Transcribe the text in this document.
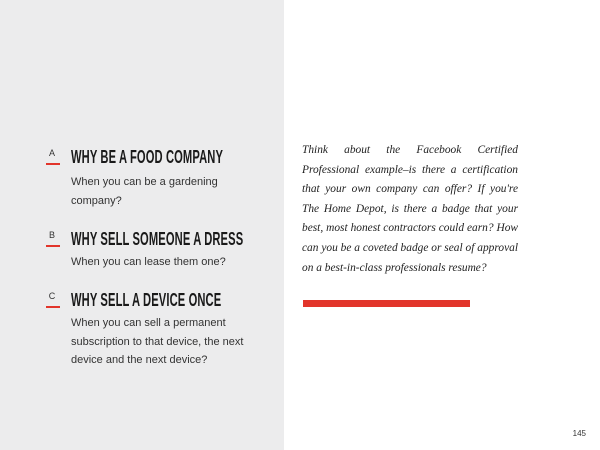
A WHY BE A FOOD COMPANY
When you can be a gardening company?
B WHY SELL SOMEONE A DRESS
When you can lease them one?
C WHY SELL A DEVICE ONCE
When you can sell a permanent subscription to that device, the next device and the next device?
Think about the Facebook Certified Professional example–is there a certification that your own company can offer? If you're The Home Depot, is there a badge that your best, most honest contractors could earn? How can you be a coveted badge or seal of approval on a best-in-class professionals resume?
145
